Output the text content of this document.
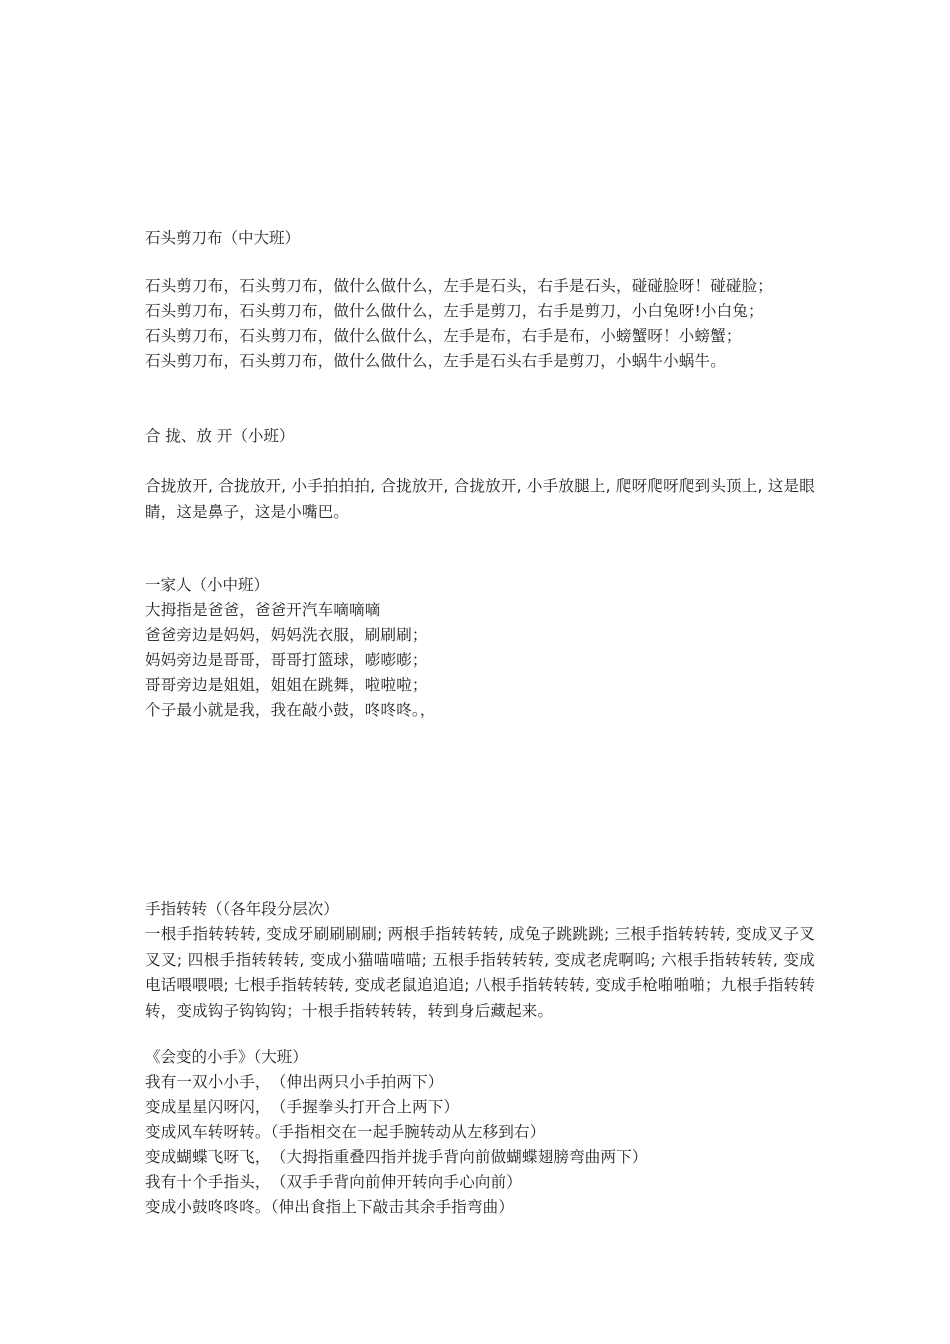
石头剪刀布（中大班）
石头剪刀布，石头剪刀布，做什么做什么，左手是石头，右手是石头，碰碰脸呀！碰碰脸；
石头剪刀布，石头剪刀布，做什么做什么，左手是剪刀，右手是剪刀，小白兔呀!小白兔；
石头剪刀布，石头剪刀布，做什么做什么，左手是布，右手是布，小螃蟹呀！小螃蟹；
石头剪刀布，石头剪刀布，做什么做什么，左手是石头右手是剪刀，小蜗牛小蜗牛。
合 拢、放 开（小班）
合拢放开, 合拢放开, 小手拍拍拍, 合拢放开, 合拢放开, 小手放腿上, 爬呀爬呀爬到头顶上, 这是眼睛，这是鼻子，这是小嘴巴。
一家人（小中班）
大拇指是爸爸，爸爸开汽车嘀嘀嘀
爸爸旁边是妈妈，妈妈洗衣服，刷刷刷；
妈妈旁边是哥哥，哥哥打篮球，嘭嘭嘭；
哥哥旁边是姐姐，姐姐在跳舞，啦啦啦；
个子最小就是我，我在敲小鼓，咚咚咚。，
手指转转（（各年段分层次）
一根手指转转转, 变成牙刷刷刷刷; 两根手指转转转, 成兔子跳跳跳; 三根手指转转转, 变成叉子叉叉叉; 四根手指转转转, 变成小猫喵喵喵; 五根手指转转转, 变成老虎啊呜; 六根手指转转转, 变成电话喂喂喂; 七根手指转转转, 变成老鼠追追追; 八根手指转转转, 变成手枪啪啪啪；九根手指转转转，变成钩子钩钩钩；十根手指转转转，转到身后藏起来。
《会变的小手》（大班）
我有一双小小手，　（伸出两只小手拍两下）
变成星星闪呀闪，　（手握拳头打开合上两下）
变成风车转呀转。（手指相交在一起手腕转动从左移到右）
变成蝴蝶飞呀飞，　（大拇指重叠四指并拢手背向前做蝴蝶翅膀弯曲两下）
我有十个手指头，　（双手手背向前伸开转向手心向前）
变成小鼓咚咚咚。（伸出食指上下敲击其余手指弯曲）
